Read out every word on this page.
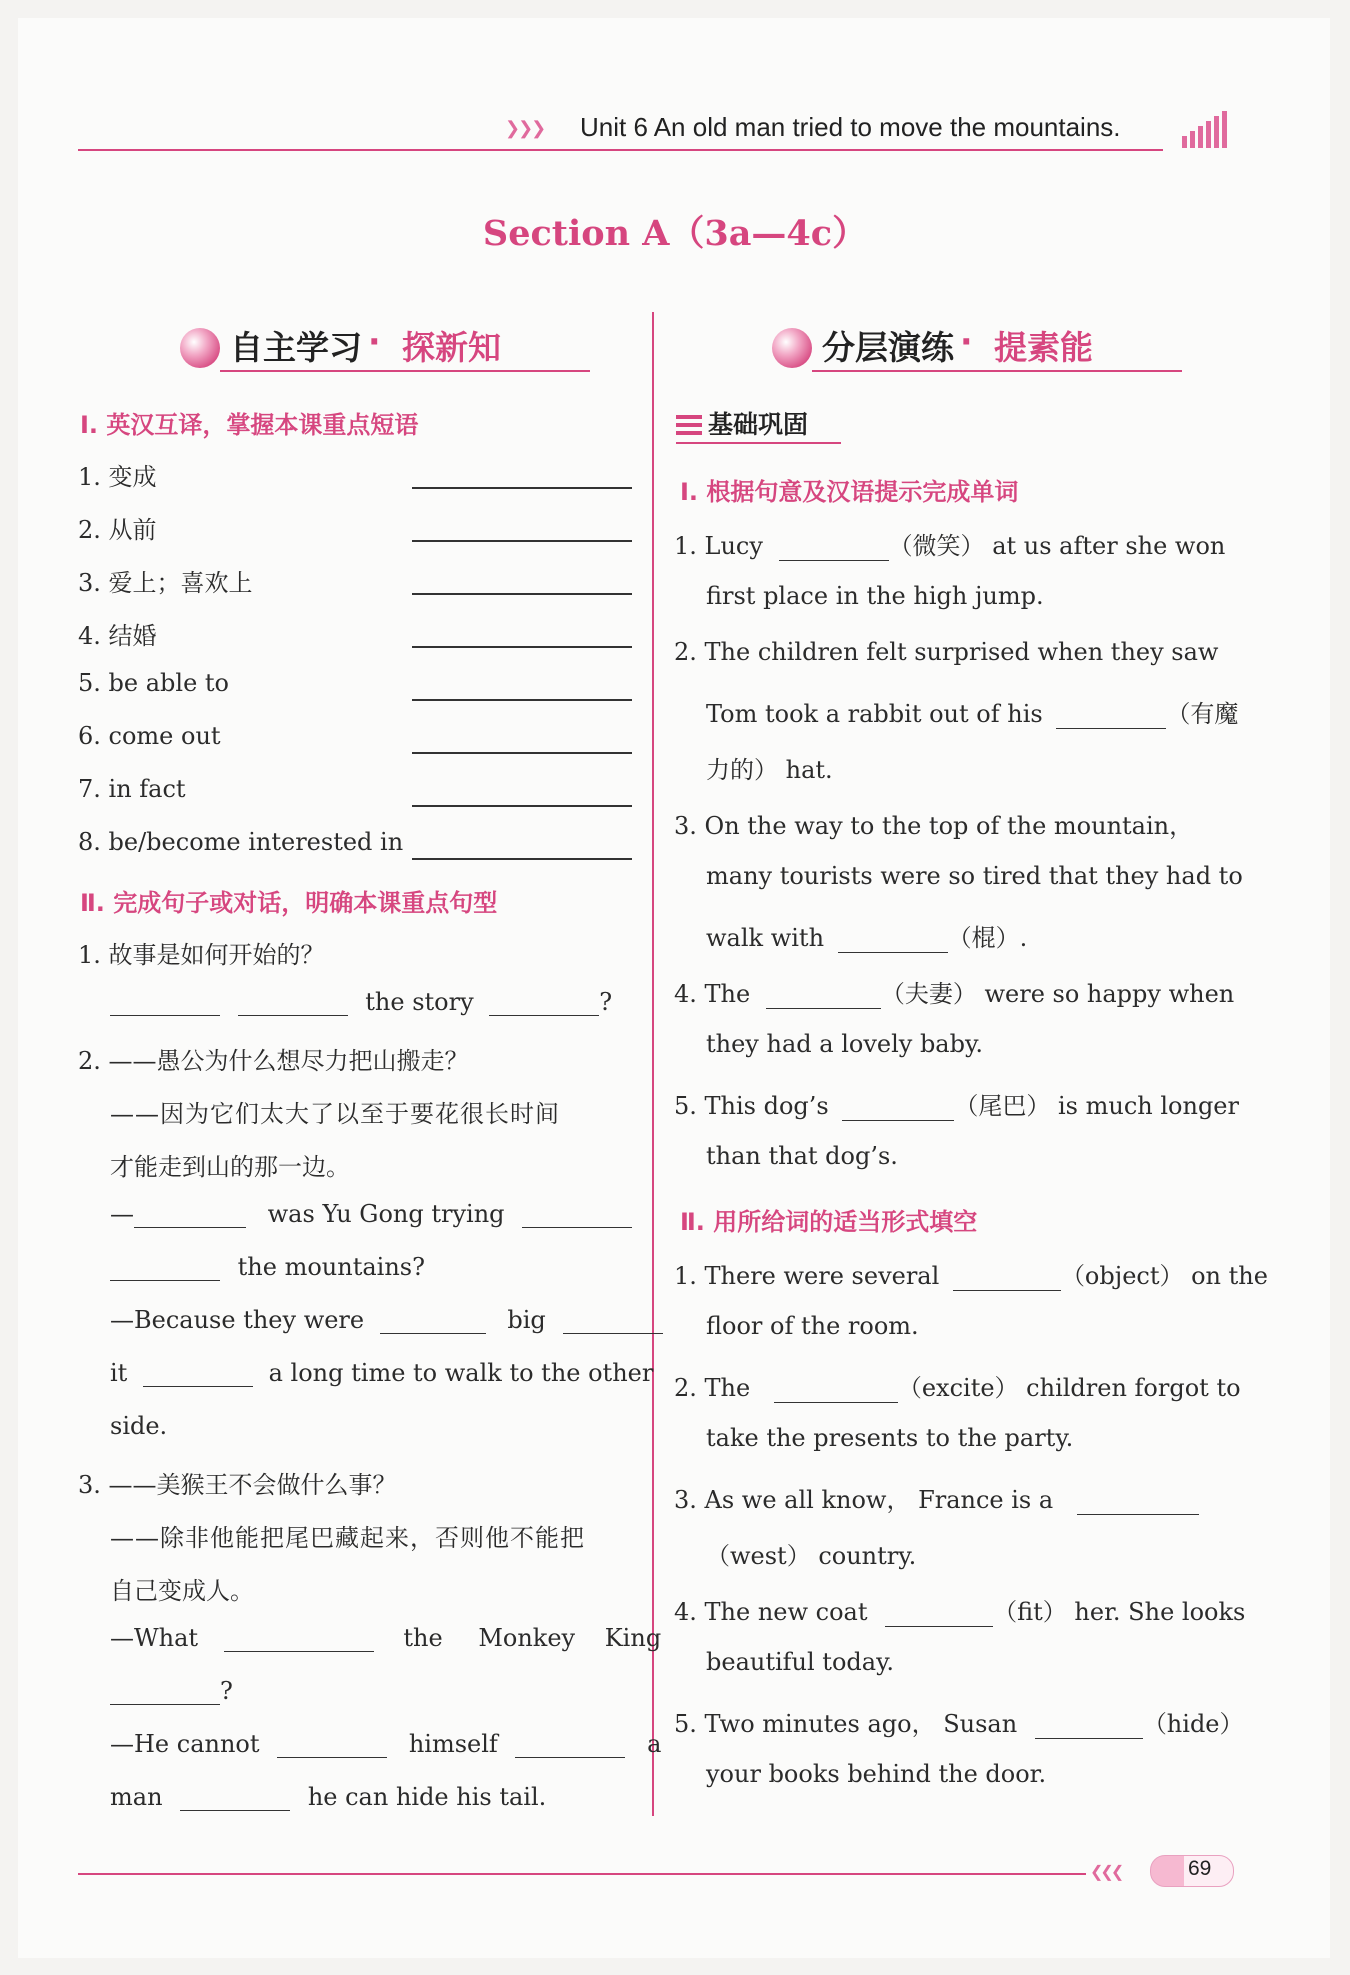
❯❯❯ Unit 6 An old man tried to move the mountains.
Section A（3a—4c）
自主学习 · 探新知
Ⅰ. 英汉互译，掌握本课重点短语
1. 变成
2. 从前
3. 爱上；喜欢上
4. 结婚
5. be able to
6. come out
7. in fact
8. be/become interested in
Ⅱ. 完成句子或对话，明确本课重点句型
1. 故事是如何开始的？
the story	?
2. ——愚公为什么想尽力把山搬走？
——因为它们太大了以至于要花很长时间
才能走到山的那一边。
—	was Yu Gong trying
the mountains?
—Because they were	big
it	a long time to walk to the other
side.
3. ——美猴王不会做什么事？
——除非他能把尾巴藏起来，否则他不能把
自己变成人。
—What	the Monkey King
?
—He cannot	himself	a
man	he can hide his tail.
分层演练 · 提素能
基础巩固
Ⅰ. 根据句意及汉语提示完成单词
1. Lucy	（微笑） at us after she won
first place in the high jump.
2. The children felt surprised when they saw
Tom took a rabbit out of his	（有魔
力的） hat.
3. On the way to the top of the mountain，
many tourists were so tired that they had to
walk with	（棍）.
4. The	（夫妻） were so happy when
they had a lovely baby.
5. This dog’s	（尾巴） is much longer
than that dog’s.
Ⅱ. 用所给词的适当形式填空
1. There were several	（object） on the
floor of the room.
2. The	（excite） children forgot to
take the presents to the party.
3. As we all know， France is a
（west） country.
4. The new coat	（fit） her. She looks
beautiful today.
5. Two minutes ago， Susan	（hide）
your books behind the door.
❮❮❮	69
